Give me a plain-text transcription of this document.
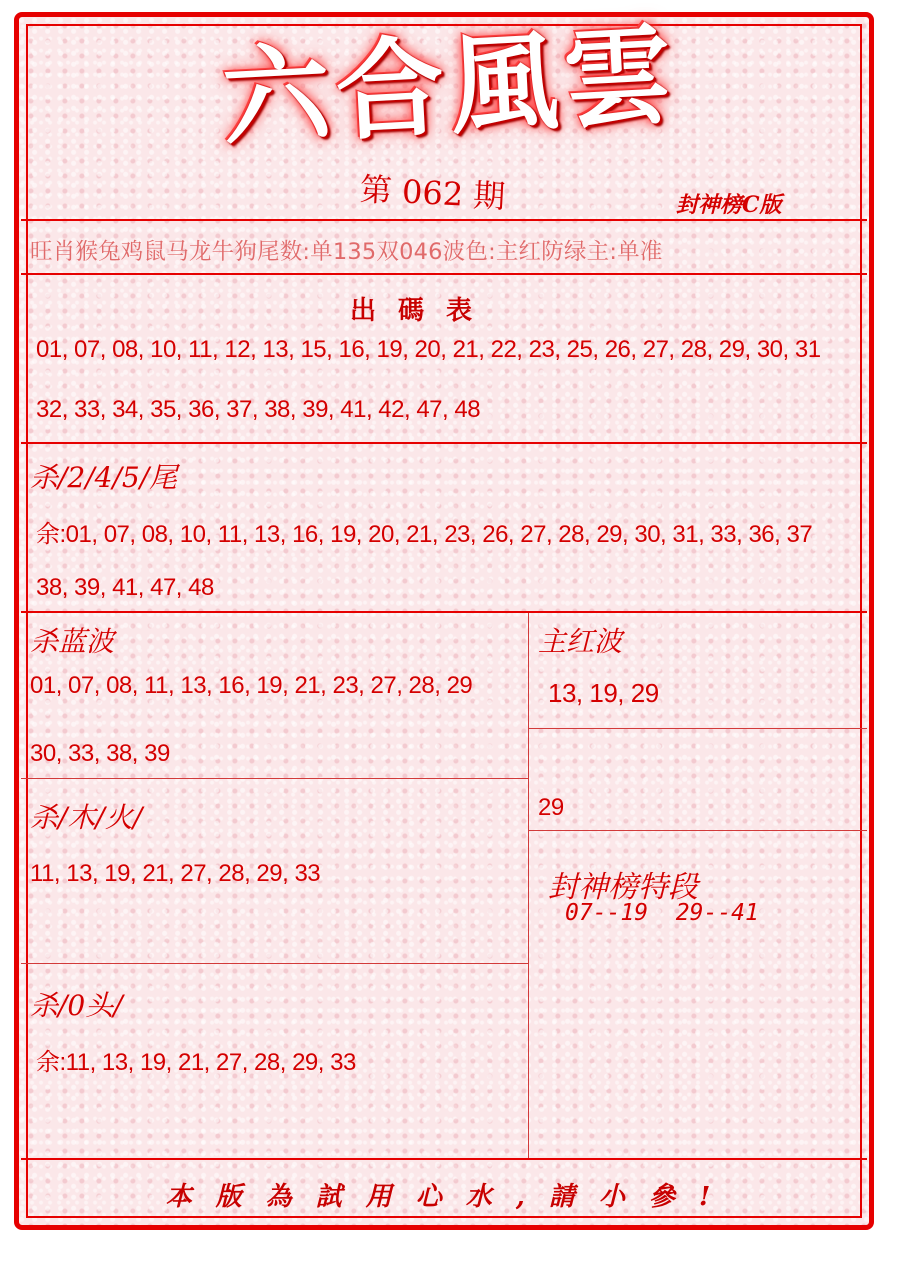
六合風雲
第 062 期	封神榜C版
旺肖猴兔鸡鼠马龙牛狗尾数:单135双046波色:主红防绿主:单准
出碼表
01, 07, 08, 10, 11, 12, 13, 15, 16, 19, 20, 21, 22, 23, 25, 26, 27, 28, 29, 30, 31
32, 33, 34, 35, 36, 37, 38, 39, 41, 42, 47, 48
杀/2/4/5/尾
余:01, 07, 08, 10, 11, 13, 16, 19, 20, 21, 23, 26, 27, 28, 29, 30, 31, 33, 36, 37
38, 39, 41, 47, 48
杀蓝波
01, 07, 08, 11, 13, 16, 19, 21, 23, 27, 28, 29
30, 33, 38, 39
主红波
13, 19, 29
29
杀/木/火/
11, 13, 19, 21, 27, 28, 29, 33	封神榜特段
07--19  29--41
杀/0头/
余:11, 13, 19, 21, 27, 28, 29, 33
本版為試用心水,請小參!
